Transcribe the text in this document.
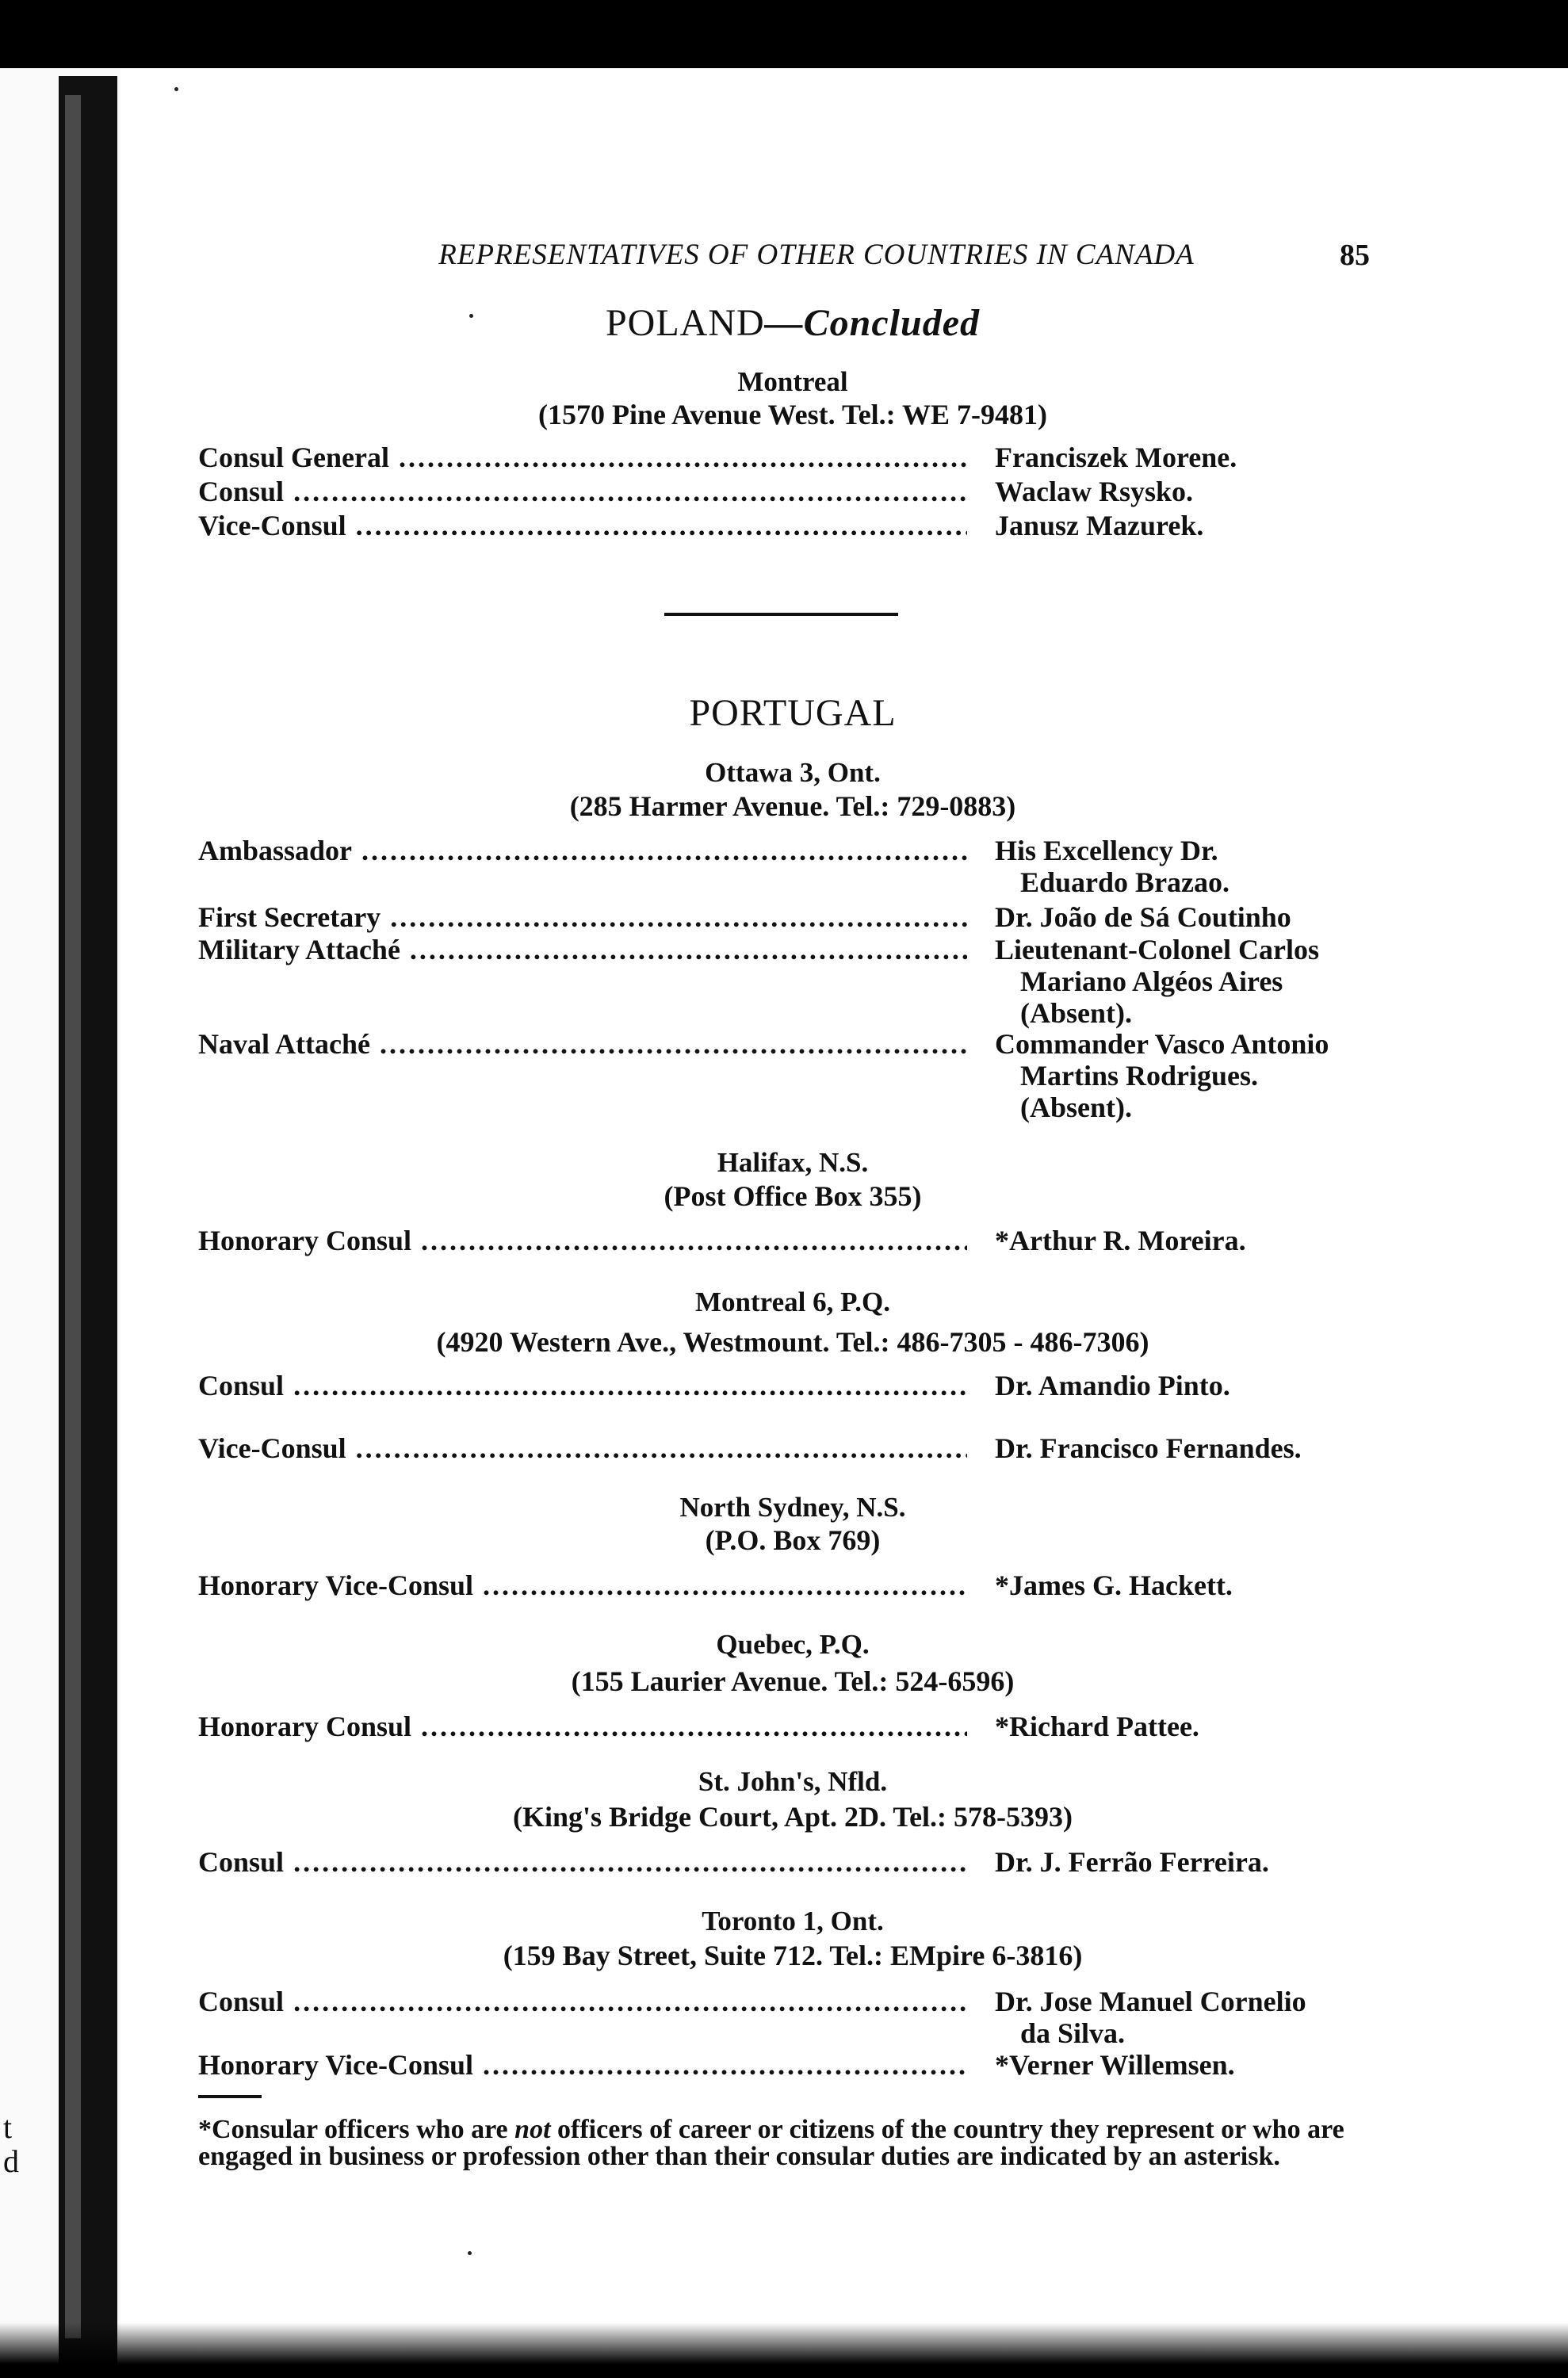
t
d
REPRESENTATIVES OF OTHER COUNTRIES IN CANADA	85
POLAND—Concluded
Montreal
(1570 Pine Avenue West. Tel.: WE 7-9481)
Consul General .....	Franciszek Morene.
Consul .....	Waclaw Rsysko.
Vice-Consul .....	Janusz Mazurek.
PORTUGAL
Ottawa 3, Ont.
(285 Harmer Avenue. Tel.: 729-0883)
Ambassador .....	His Excellency Dr.
Eduardo Brazao.
First Secretary .....	Dr. João de Sá Coutinho
Military Attaché .....	Lieutenant-Colonel Carlos
Mariano Algéos Aires
(Absent).
Naval Attaché .....	Commander Vasco Antonio
Martins Rodrigues.
(Absent).
Halifax, N.S.
(Post Office Box 355)
Honorary Consul .....	*Arthur R. Moreira.
Montreal 6, P.Q.
(4920 Western Ave., Westmount. Tel.: 486-7305 - 486-7306)
Consul .....	Dr. Amandio Pinto.
Vice-Consul .....	Dr. Francisco Fernandes.
North Sydney, N.S.
(P.O. Box 769)
Honorary Vice-Consul .....	*James G. Hackett.
Quebec, P.Q.
(155 Laurier Avenue. Tel.: 524-6596)
Honorary Consul .....	*Richard Pattee.
St. John's, Nfld.
(King's Bridge Court, Apt. 2D. Tel.: 578-5393)
Consul .....	Dr. J. Ferrão Ferreira.
Toronto 1, Ont.
(159 Bay Street, Suite 712. Tel.: EMpire 6-3816)
Consul .....	Dr. Jose Manuel Cornelio
da Silva.
Honorary Vice-Consul .....	*Verner Willemsen.
*Consular officers who are not officers of career or citizens of the country they represent or who are engaged in business or profession other than their consular duties are indicated by an asterisk.
